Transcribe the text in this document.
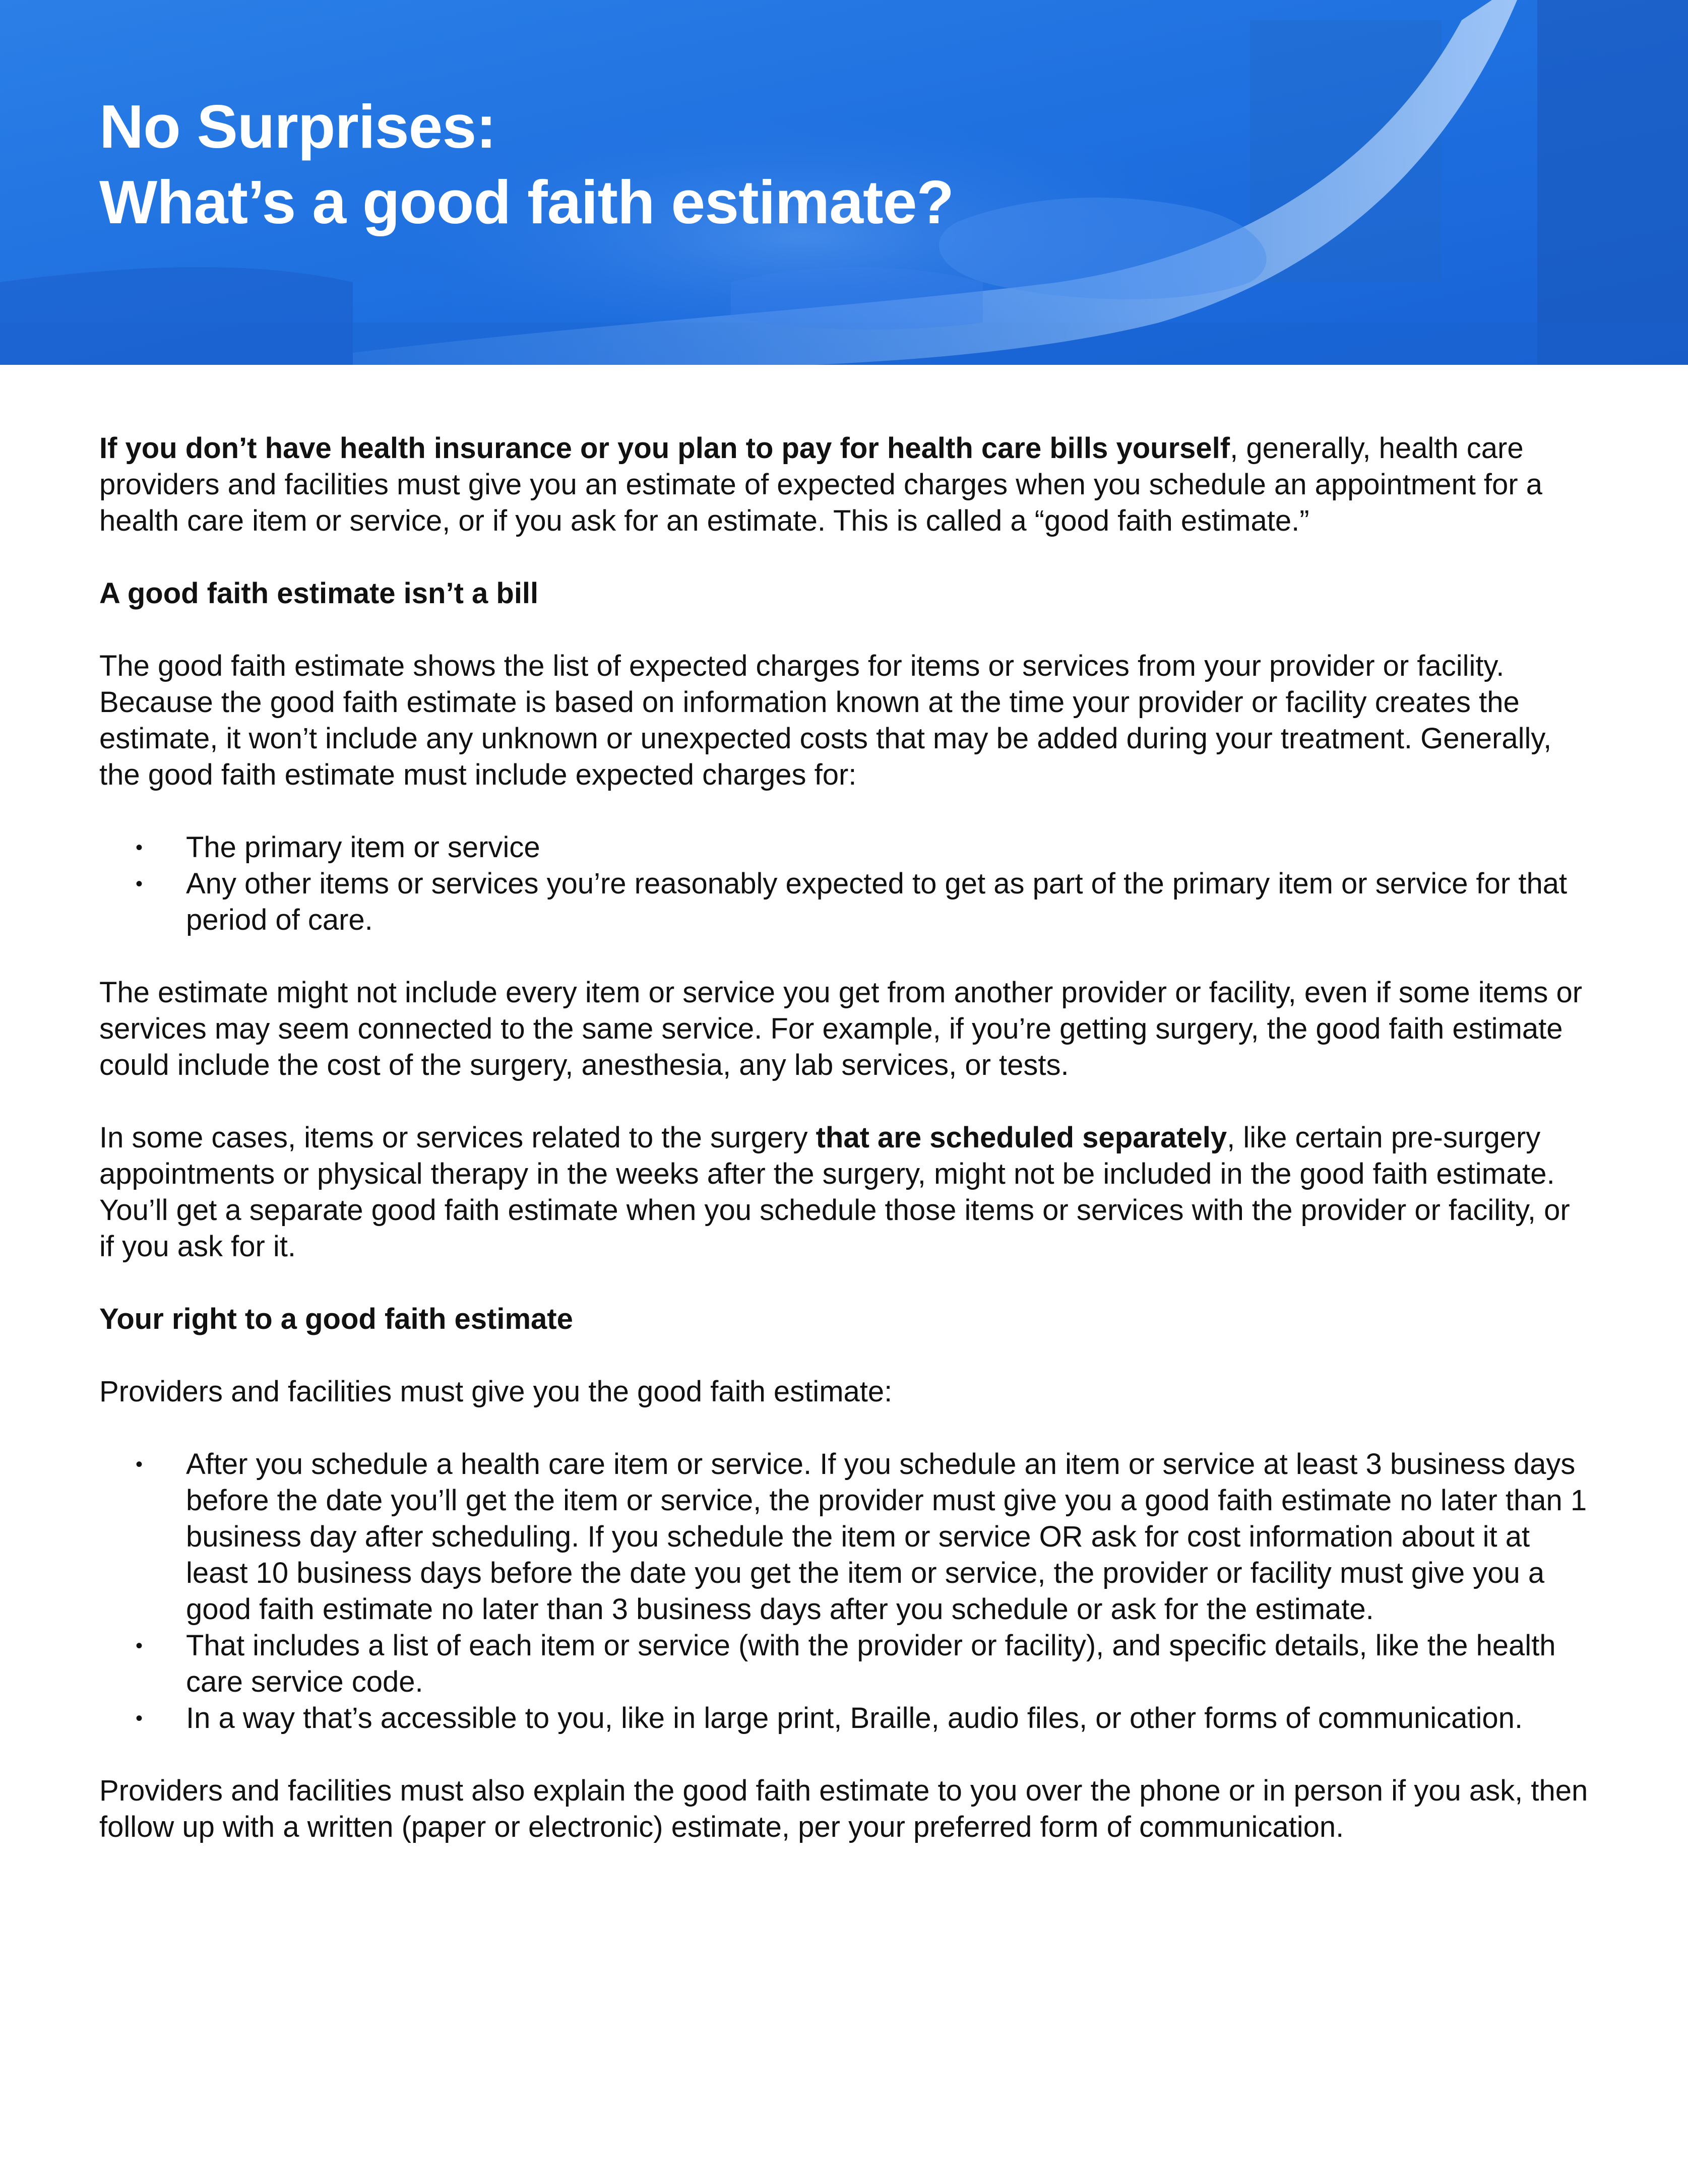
No Surprises:
What’s a good faith estimate?

If you don’t have health insurance or you plan to pay for health care bills yourself, generally, health care providers and facilities must give you an estimate of expected charges when you schedule an appointment for a health care item or service, or if you ask for an estimate. This is called a “good faith estimate.”

A good faith estimate isn’t a bill

The good faith estimate shows the list of expected charges for items or services from your provider or facility. Because the good faith estimate is based on information known at the time your provider or facility creates the estimate, it won’t include any unknown or unexpected costs that may be added during your treatment. Generally, the good faith estimate must include expected charges for:

• The primary item or service
• Any other items or services you’re reasonably expected to get as part of the primary item or service for that period of care.

The estimate might not include every item or service you get from another provider or facility, even if some items or services may seem connected to the same service. For example, if you’re getting surgery, the good faith estimate could include the cost of the surgery, anesthesia, any lab services, or tests.

In some cases, items or services related to the surgery that are scheduled separately, like certain pre-surgery appointments or physical therapy in the weeks after the surgery, might not be included in the good faith estimate. You’ll get a separate good faith estimate when you schedule those items or services with the provider or facility, or if you ask for it.

Your right to a good faith estimate

Providers and facilities must give you the good faith estimate:

• After you schedule a health care item or service. If you schedule an item or service at least 3 business days before the date you’ll get the item or service, the provider must give you a good faith estimate no later than 1 business day after scheduling. If you schedule the item or service OR ask for cost information about it at least 10 business days before the date you get the item or service, the provider or facility must give you a good faith estimate no later than 3 business days after you schedule or ask for the estimate.
• That includes a list of each item or service (with the provider or facility), and specific details, like the health care service code.
• In a way that’s accessible to you, like in large print, Braille, audio files, or other forms of communication.

Providers and facilities must also explain the good faith estimate to you over the phone or in person if you ask, then follow up with a written (paper or electronic) estimate, per your preferred form of communication.
